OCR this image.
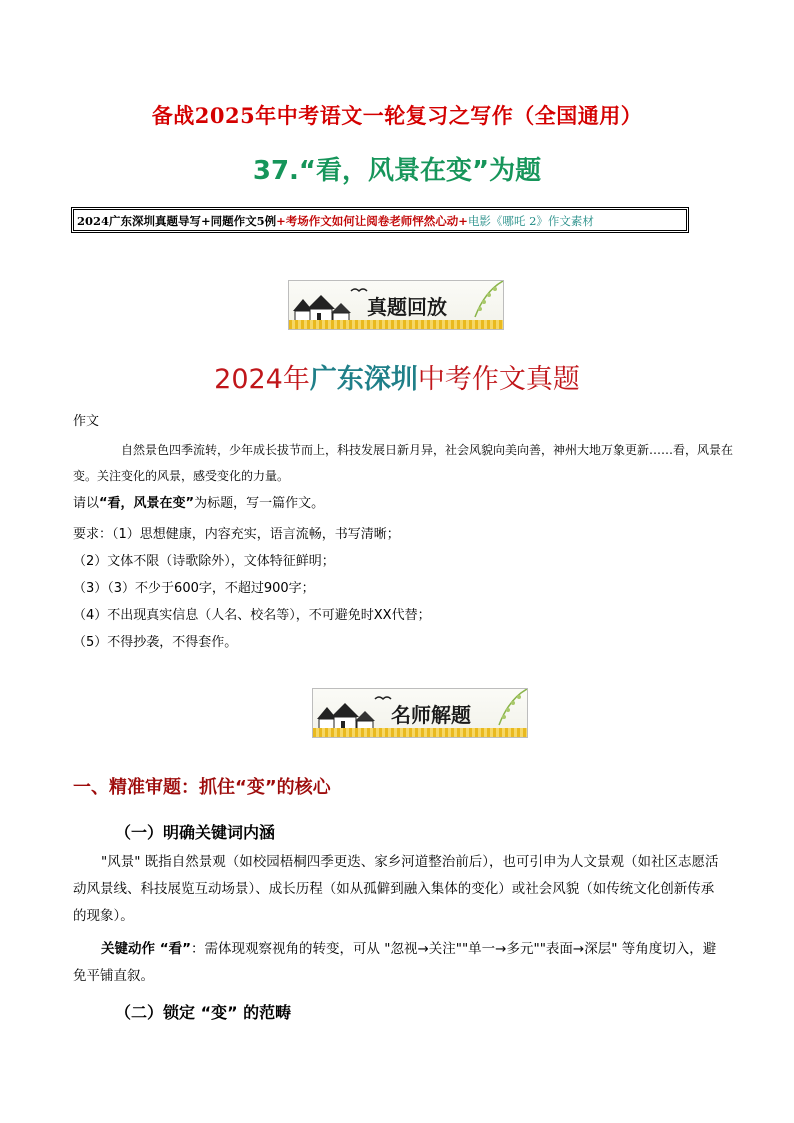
备战2025年中考语文一轮复习之写作（全国通用）
37.“看，风景在变”为题
2024广东深圳真题导写+同题作文5例+考场作文如何让阅卷老师怦然心动+电影《哪吒 2》作文素材
真题回放
2024年广东深圳中考作文真题
作文
自然景色四季流转，少年成长拔节而上，科技发展日新月异，社会风貌向美向善，神州大地万象更新……看，风景在变。关注变化的风景，感受变化的力量。
请以“看，风景在变”为标题，写一篇作文。
要求：（1）思想健康，内容充实，语言流畅，书写清晰；
（2）文体不限（诗歌除外），文体特征鲜明；
（3）（3）不少于600字，不超过900字；
（4）不出现真实信息（人名、校名等），不可避免时XX代替；
（5）不得抄袭，不得套作。
名师解题
一、精准审题：抓住“变”的核心
（一）明确关键词内涵
"风景" 既指自然景观（如校园梧桐四季更迭、家乡河道整治前后），也可引申为人文景观（如社区志愿活动风景线、科技展览互动场景）、成长历程（如从孤僻到融入集体的变化）或社会风貌（如传统文化创新传承的现象）。
关键动作 “看”：需体现观察视角的转变，可从 "忽视→关注""单一→多元""表面→深层" 等角度切入，避免平铺直叙。
（二）锁定 “变” 的范畴
